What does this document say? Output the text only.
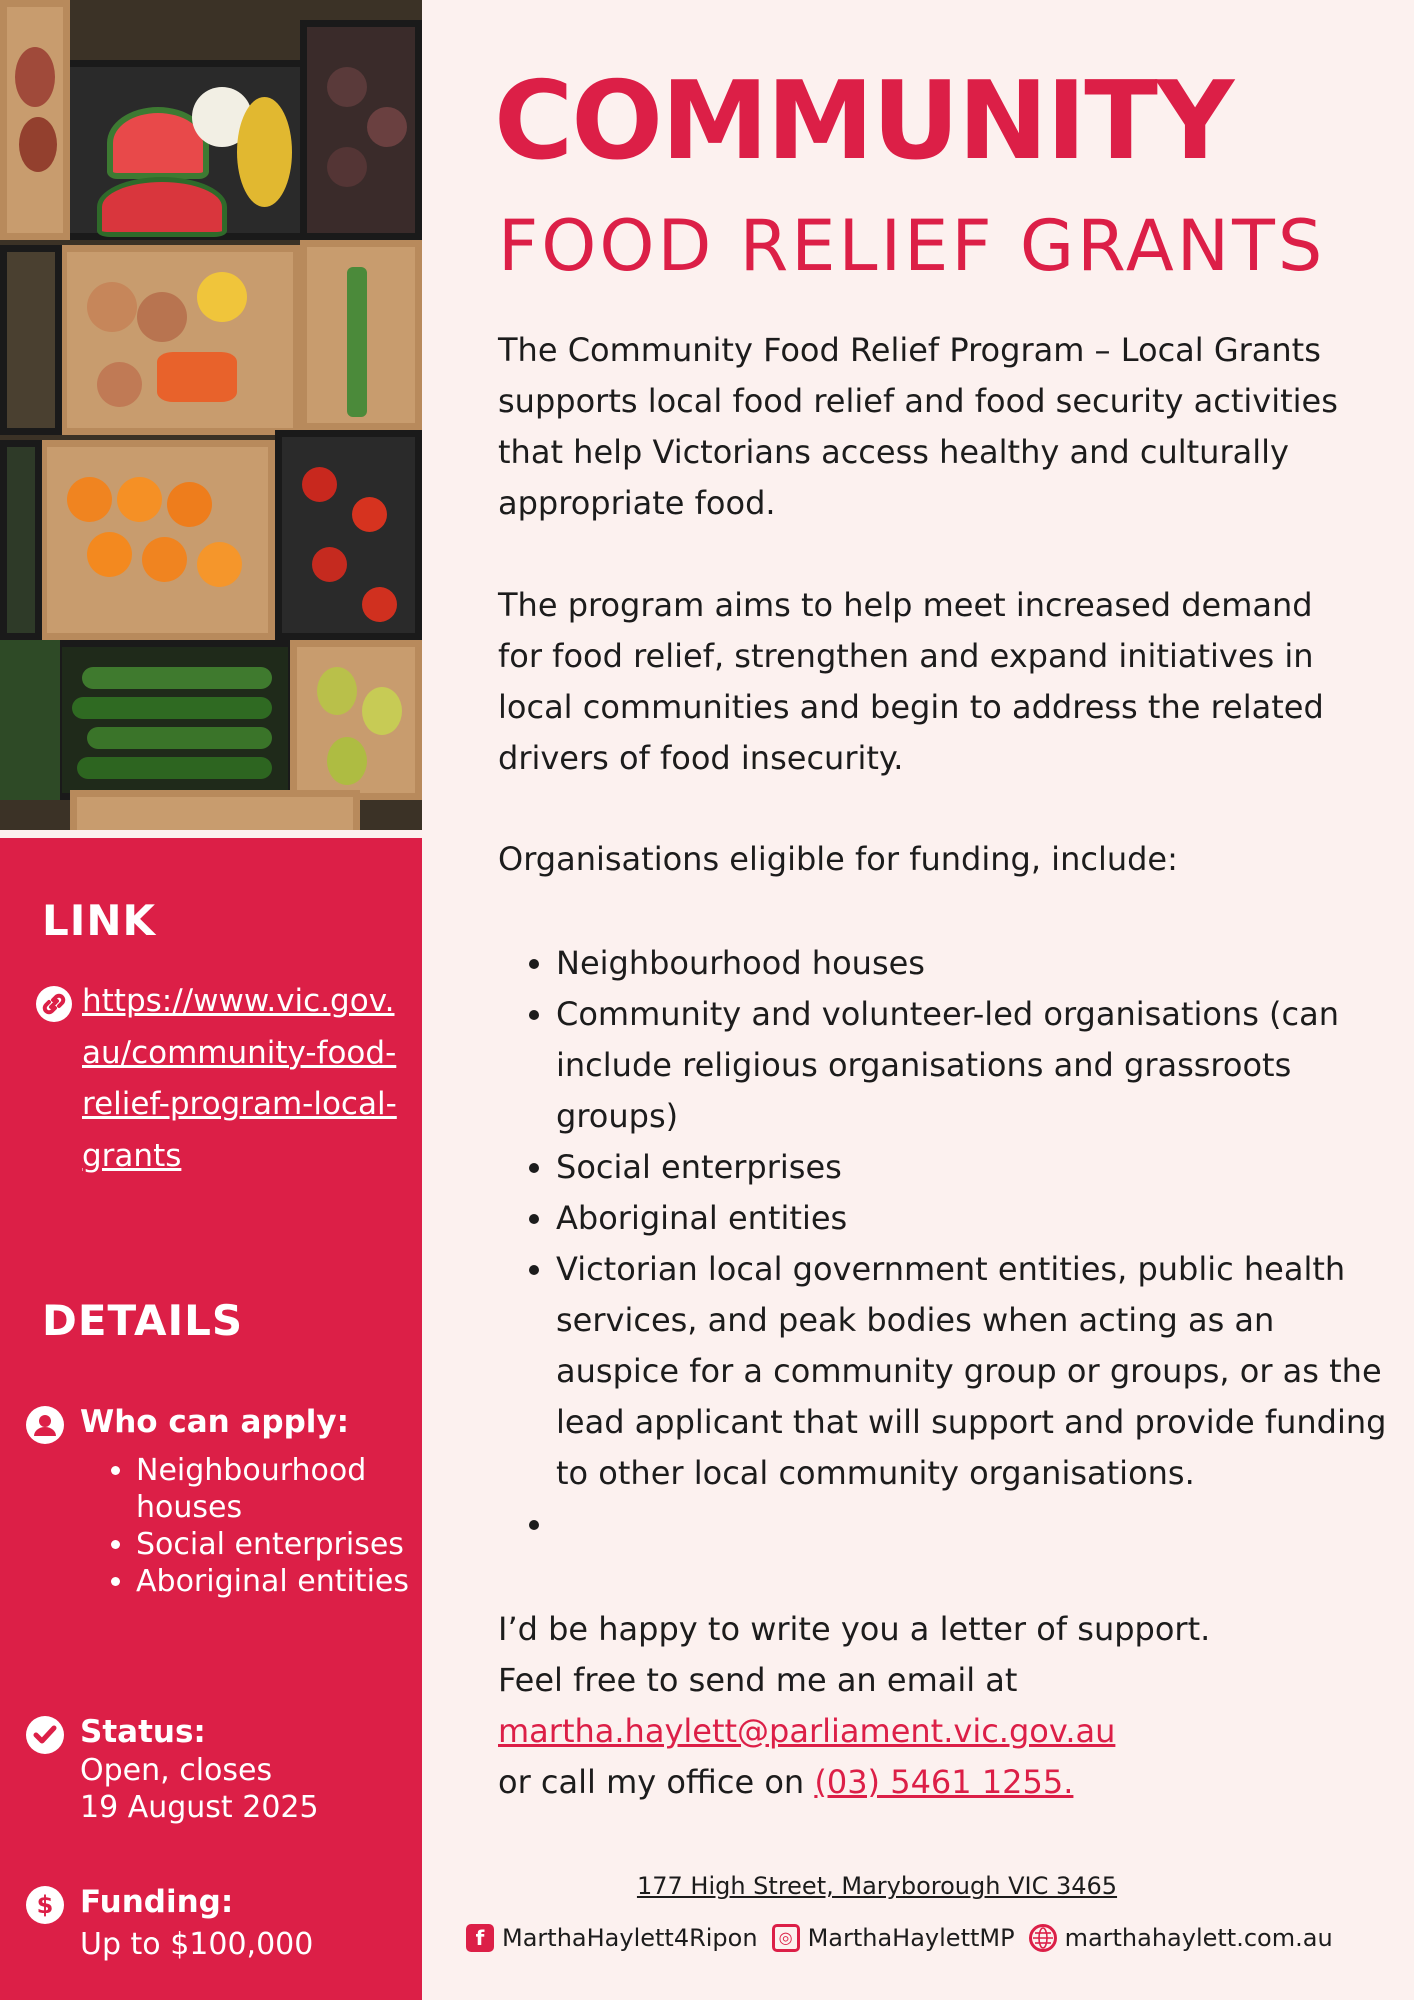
LINK
https://www.vic.gov.au/community-food-relief-program-local-grants
DETAILS
Who can apply:
• Neighbourhood houses
• Social enterprises
• Aboriginal entities
Status:
Open, closes
19 August 2025
$ Funding:
Up to $100,000
COMMUNITY
FOOD RELIEF GRANTS
The Community Food Relief Program – Local Grants supports local food relief and food security activities that help Victorians access healthy and culturally appropriate food.
The program aims to help meet increased demand for food relief, strengthen and expand initiatives in local communities and begin to address the related drivers of food insecurity.
Organisations eligible for funding, include:
• Neighbourhood houses
• Community and volunteer-led organisations (can include religious organisations and grassroots groups)
• Social enterprises
• Aboriginal entities
• Victorian local government entities, public health services, and peak bodies when acting as an auspice for a community group or groups, or as the lead applicant that will support and provide funding to other local community organisations.
•
I’d be happy to write you a letter of support.
Feel free to send me an email at
martha.haylett@parliament.vic.gov.au
or call my office on (03) 5461 1255.
177 High Street, Maryborough VIC 3465
f MarthaHaylett4Ripon	◎ MarthaHaylettMP marthahaylett.com.au
